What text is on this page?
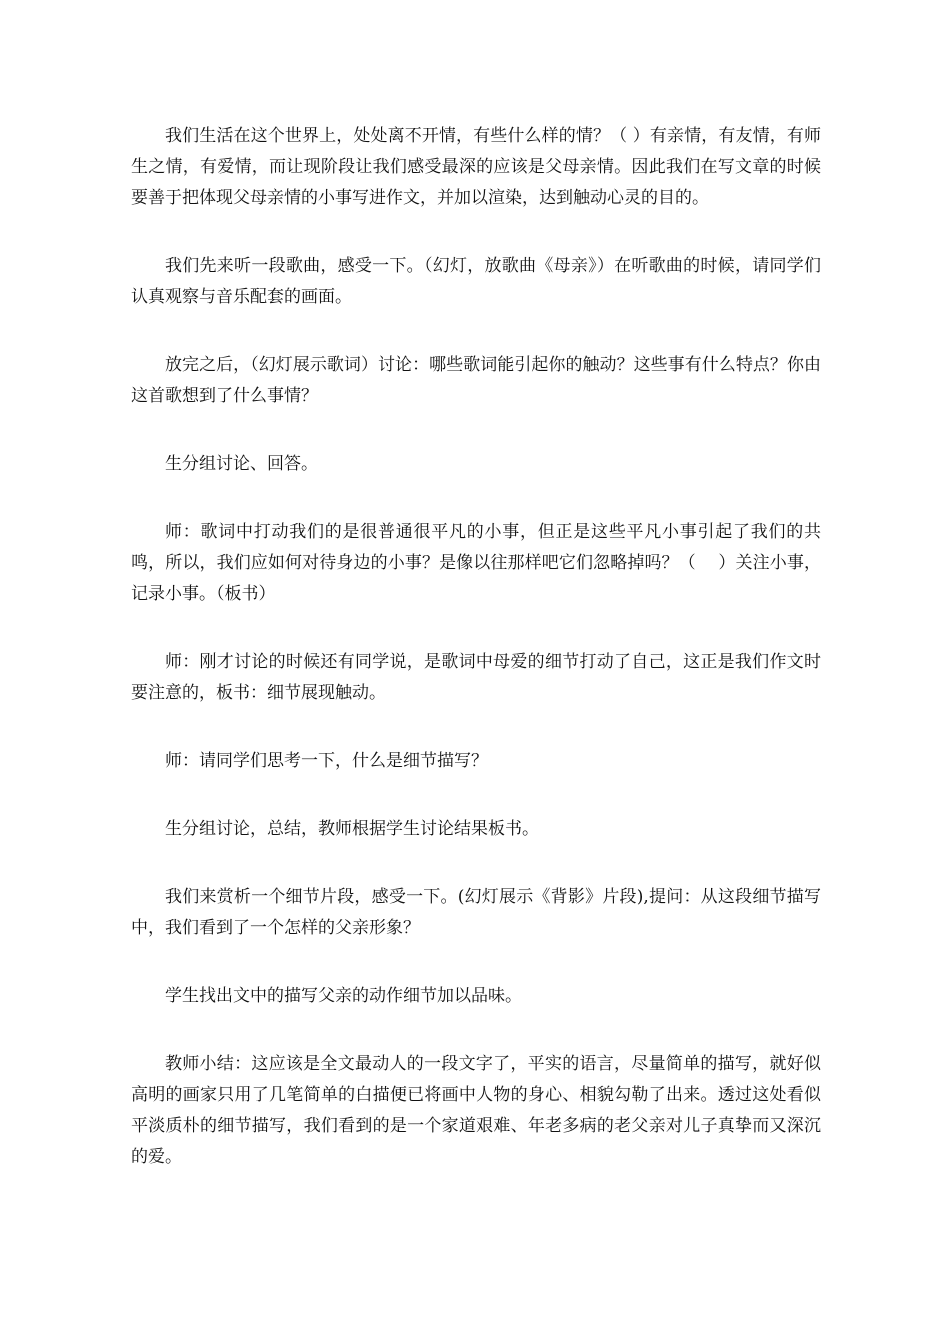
我们生活在这个世界上，处处离不开情，有些什么样的情？（ ）有亲情，有友情，有师生之情，有爱情，而让现阶段让我们感受最深的应该是父母亲情。因此我们在写文章的时候要善于把体现父母亲情的小事写进作文，并加以渲染，达到触动心灵的目的。

我们先来听一段歌曲，感受一下。（幻灯，放歌曲《母亲》）在听歌曲的时候，请同学们认真观察与音乐配套的画面。

放完之后，（幻灯展示歌词）讨论：哪些歌词能引起你的触动？这些事有什么特点？你由这首歌想到了什么事情？

生分组讨论、回答。

师：歌词中打动我们的是很普通很平凡的小事，但正是这些平凡小事引起了我们的共鸣，所以，我们应如何对待身边的小事？是像以往那样吧它们忽略掉吗？（　 ）关注小事，记录小事。（板书）

师：刚才讨论的时候还有同学说，是歌词中母爱的细节打动了自己，这正是我们作文时要注意的，板书：细节展现触动。

师：请同学们思考一下，什么是细节描写？

生分组讨论，总结，教师根据学生讨论结果板书。

我们来赏析一个细节片段，感受一下。(幻灯展示《背影》片段),提问：从这段细节描写中，我们看到了一个怎样的父亲形象？

学生找出文中的描写父亲的动作细节加以品味。

教师小结：这应该是全文最动人的一段文字了，平实的语言，尽量简单的描写，就好似高明的画家只用了几笔简单的白描便已将画中人物的身心、相貌勾勒了出来。透过这处看似平淡质朴的细节描写，我们看到的是一个家道艰难、年老多病的老父亲对儿子真挚而又深沉的爱。
